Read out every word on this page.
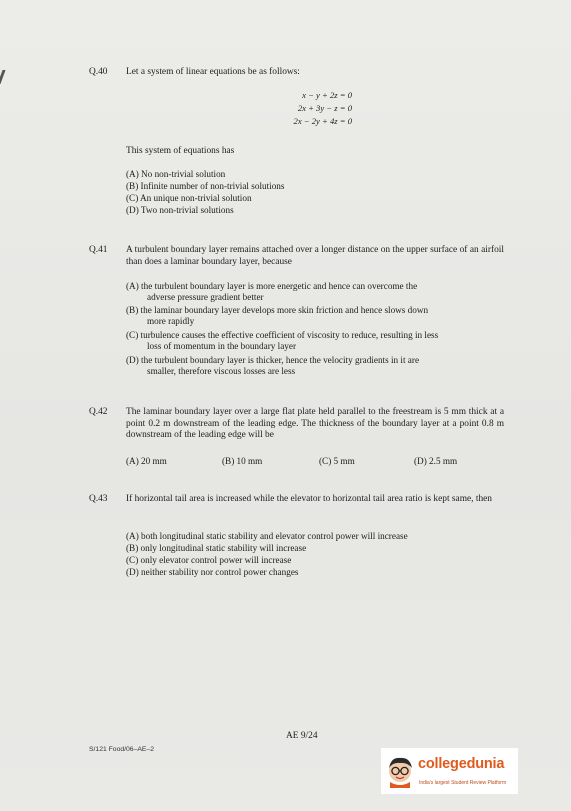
Q.40 Let a system of linear equations be as follows:
x − y + 2z = 0
2x + 3y − z = 0
2x − 2y + 4z = 0
This system of equations has
(A) No non-trivial solution
(B) Infinite number of non-trivial solutions
(C) An unique non-trivial solution
(D) Two non-trivial solutions
Q.41 A turbulent boundary layer remains attached over a longer distance on the upper surface of an airfoil than does a laminar boundary layer, because
(A) the turbulent boundary layer is more energetic and hence can overcome the
adverse pressure gradient better
(B) the laminar boundary layer develops more skin friction and hence slows down
more rapidly
(C) turbulence causes the effective coefficient of viscosity to reduce, resulting in less
loss of momentum in the boundary layer
(D) the turbulent boundary layer is thicker, hence the velocity gradients in it are
smaller, therefore viscous losses are less
Q.42 The laminar boundary layer over a large flat plate held parallel to the freestream is 5 mm thick at a point 0.2 m downstream of the leading edge. The thickness of the boundary layer at a point 0.8 m downstream of the leading edge will be
(A) 20 mm	(B) 10 mm	(C) 5 mm	(D) 2.5 mm
Q.43 If horizontal tail area is increased while the elevator to horizontal tail area ratio is kept same, then
(A) both longitudinal static stability and elevator control power will increase
(B) only longitudinal static stability will increase
(C) only elevator control power will increase
(D) neither stability nor control power changes
AE 9/24
S/121 Food/06–AE–2
collegedunia
India's largest Student Review Platform
